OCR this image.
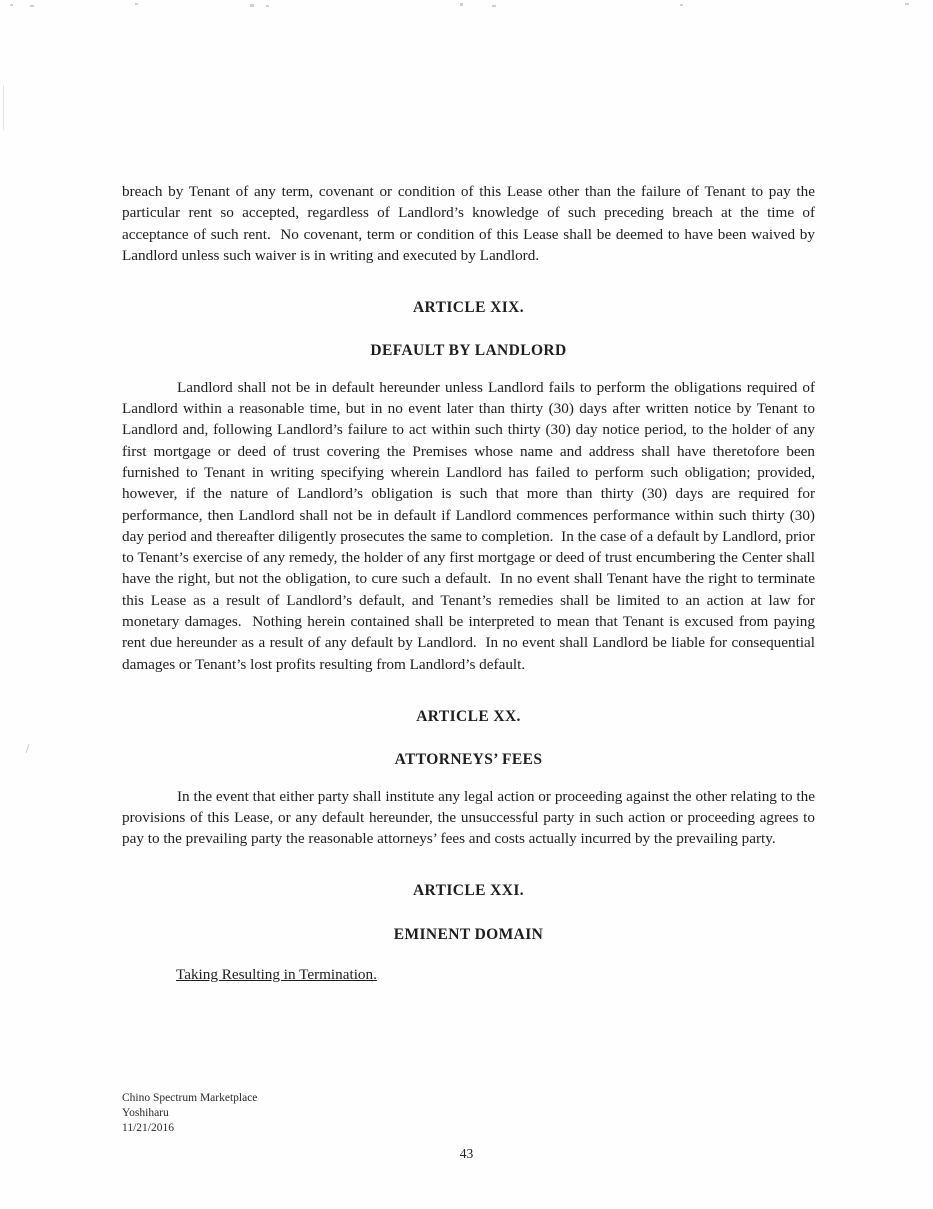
breach by Tenant of any term, covenant or condition of this Lease other than the failure of Tenant to pay the particular rent so accepted, regardless of Landlord’s knowledge of such preceding breach at the time of acceptance of such rent.  No covenant, term or condition of this Lease shall be deemed to have been waived by Landlord unless such waiver is in writing and executed by Landlord.

ARTICLE XIX.
DEFAULT BY LANDLORD

Landlord shall not be in default hereunder unless Landlord fails to perform the obligations required of Landlord within a reasonable time, but in no event later than thirty (30) days after written notice by Tenant to Landlord and, following Landlord’s failure to act within such thirty (30) day notice period, to the holder of any first mortgage or deed of trust covering the Premises whose name and address shall have theretofore been furnished to Tenant in writing specifying wherein Landlord has failed to perform such obligation; provided, however, if the nature of Landlord’s obligation is such that more than thirty (30) days are required for performance, then Landlord shall not be in default if Landlord commences performance within such thirty (30) day period and thereafter diligently prosecutes the same to completion.  In the case of a default by Landlord, prior to Tenant’s exercise of any remedy, the holder of any first mortgage or deed of trust encumbering the Center shall have the right, but not the obligation, to cure such a default.  In no event shall Tenant have the right to terminate this Lease as a result of Landlord’s default, and Tenant’s remedies shall be limited to an action at law for monetary damages.  Nothing herein contained shall be interpreted to mean that Tenant is excused from paying rent due hereunder as a result of any default by Landlord.  In no event shall Landlord be liable for consequential damages or Tenant’s lost profits resulting from Landlord’s default.

ARTICLE XX.
ATTORNEYS’ FEES

In the event that either party shall institute any legal action or proceeding against the other relating to the provisions of this Lease, or any default hereunder, the unsuccessful party in such action or proceeding agrees to pay to the prevailing party the reasonable attorneys’ fees and costs actually incurred by the prevailing party.

ARTICLE XXI.
EMINENT DOMAIN

Taking Resulting in Termination.

Chino Spectrum Marketplace
Yoshiharu
11/21/2016
43
